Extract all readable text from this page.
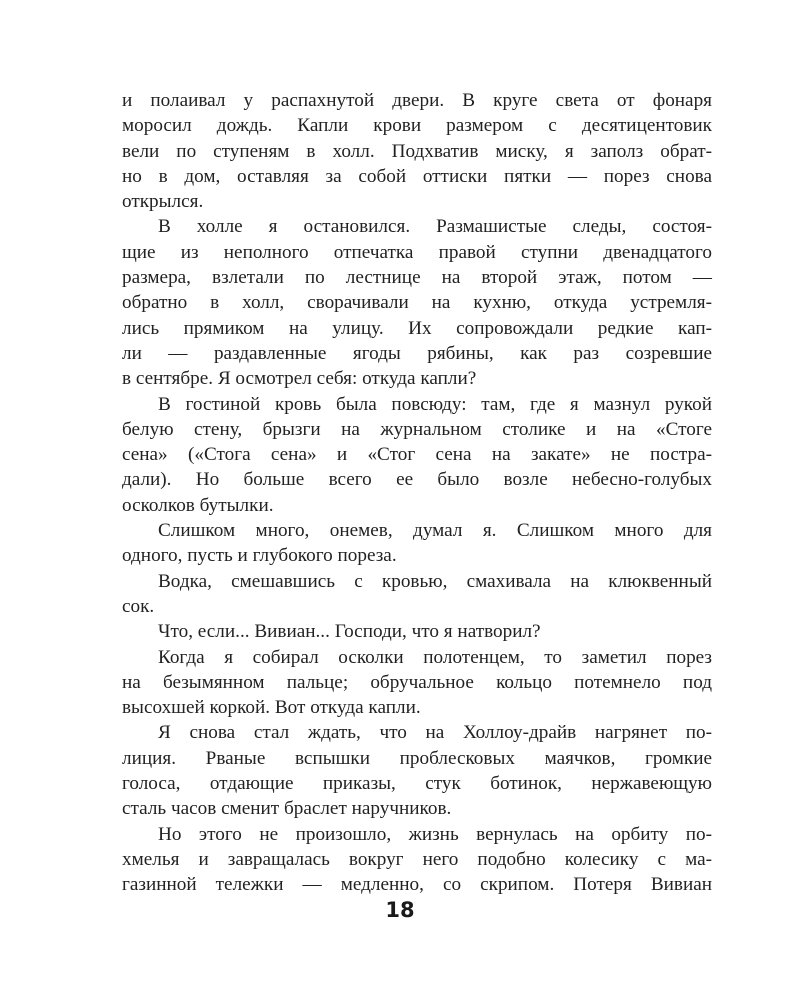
и полаивал у распахнутой двери. В круге света от фонаря
моросил дождь. Капли крови размером с десятицентовик
вели по ступеням в холл. Подхватив миску, я заполз обрат-
но в дом, оставляя за собой оттиски пятки — порез снова
открылся.
В холле я остановился. Размашистые следы, состоя-
щие из неполного отпечатка правой ступни двенадцатого
размера, взлетали по лестнице на второй этаж, потом —
обратно в холл, сворачивали на кухню, откуда устремля-
лись прямиком на улицу. Их сопровождали редкие кап-
ли — раздавленные ягоды рябины, как раз созревшие
в сентябре. Я осмотрел себя: откуда капли?
В гостиной кровь была повсюду: там, где я мазнул рукой
белую стену, брызги на журнальном столике и на «Стоге
сена» («Стога сена» и «Стог сена на закате» не постра-
дали). Но больше всего ее было возле небесно-голубых
осколков бутылки.
Слишком много, онемев, думал я. Слишком много для
одного, пусть и глубокого пореза.
Водка, смешавшись с кровью, смахивала на клюквенный
сок.
Что, если... Вивиан... Господи, что я натворил?
Когда я собирал осколки полотенцем, то заметил порез
на безымянном пальце; обручальное кольцо потемнело под
высохшей коркой. Вот откуда капли.
Я снова стал ждать, что на Холлоу-драйв нагрянет по-
лиция. Рваные вспышки проблесковых маячков, громкие
голоса, отдающие приказы, стук ботинок, нержавеющую
сталь часов сменит браслет наручников.
Но этого не произошло, жизнь вернулась на орбиту по-
хмелья и завращалась вокруг него подобно колесику с ма-
газинной тележки — медленно, со скрипом. Потеря Вивиан
18
